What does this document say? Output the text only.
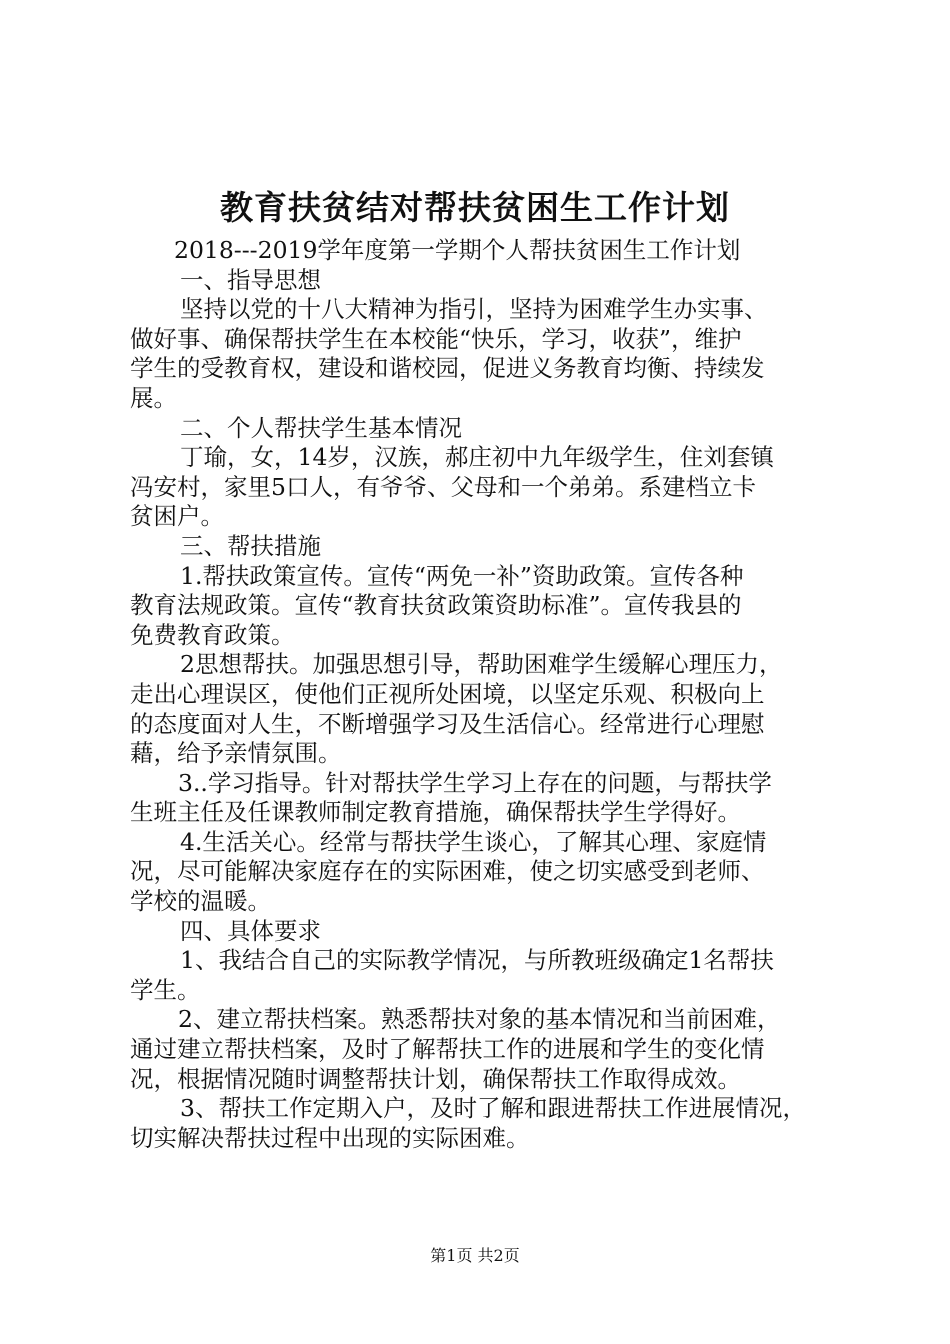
教育扶贫结对帮扶贫困生工作计划
2018---2019学年度第一学期个人帮扶贫困生工作计划
一、指导思想
坚持以党的十八大精神为指引，坚持为困难学生办实事、
做好事、确保帮扶学生在本校能“快乐，学习，收获”，维护
学生的受教育权，建设和谐校园，促进义务教育均衡、持续发
展。
二、个人帮扶学生基本情况
丁瑜，女，14岁，汉族，郝庄初中九年级学生，住刘套镇
冯安村，家里5口人，有爷爷、父母和一个弟弟。系建档立卡
贫困户。
三、帮扶措施
1.帮扶政策宣传。宣传“两免一补”资助政策。宣传各种
教育法规政策。宣传“教育扶贫政策资助标准”。宣传我县的
免费教育政策。
2思想帮扶。加强思想引导，帮助困难学生缓解心理压力，
走出心理误区，使他们正视所处困境，以坚定乐观、积极向上
的态度面对人生，不断增强学习及生活信心。经常进行心理慰
藉，给予亲情氛围。
3..学习指导。针对帮扶学生学习上存在的问题，与帮扶学
生班主任及任课教师制定教育措施，确保帮扶学生学得好。
4.生活关心。经常与帮扶学生谈心，了解其心理、家庭情
况，尽可能解决家庭存在的实际困难，使之切实感受到老师、
学校的温暖。
四、具体要求
1、我结合自己的实际教学情况，与所教班级确定1名帮扶
学生。
2、建立帮扶档案。熟悉帮扶对象的基本情况和当前困难，
通过建立帮扶档案，及时了解帮扶工作的进展和学生的变化情
况，根据情况随时调整帮扶计划，确保帮扶工作取得成效。
3、帮扶工作定期入户，及时了解和跟进帮扶工作进展情况，
切实解决帮扶过程中出现的实际困难。
第1页 共2页
